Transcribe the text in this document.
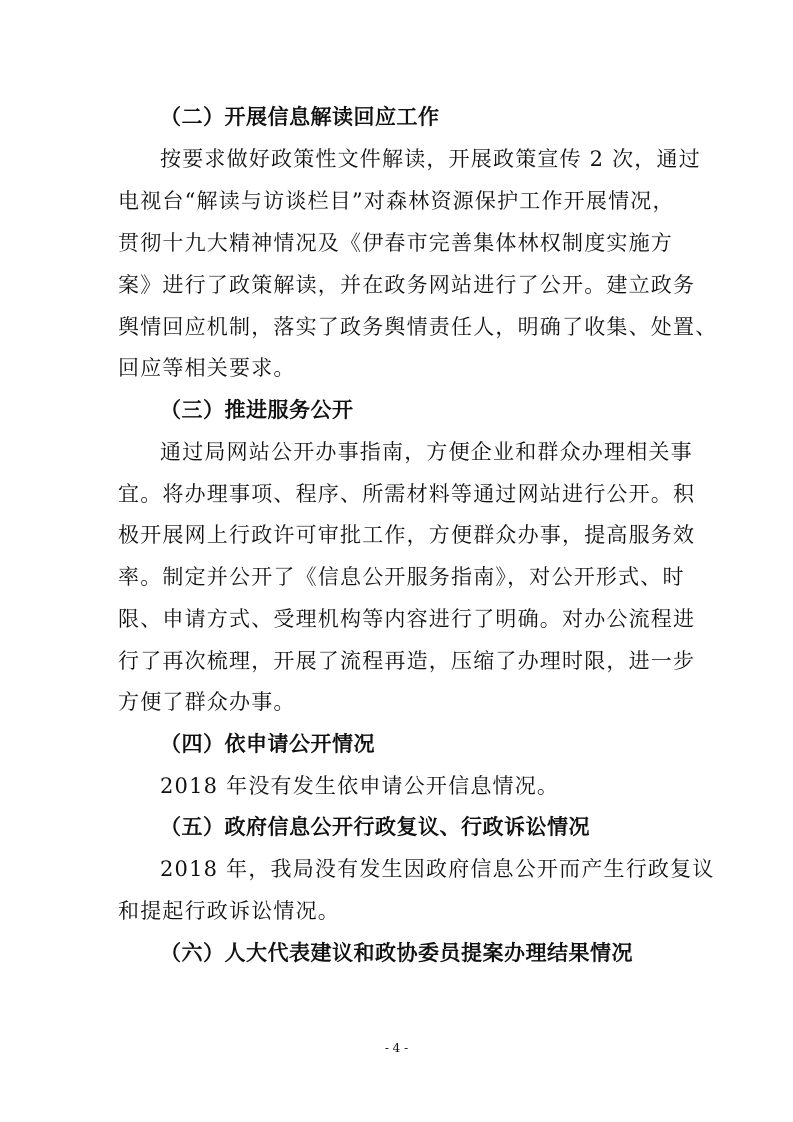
（二）开展信息解读回应工作
按要求做好政策性文件解读，开展政策宣传 2 次，通过
电视台“解读与访谈栏目”对森林资源保护工作开展情况，
贯彻十九大精神情况及《伊春市完善集体林权制度实施方
案》进行了政策解读，并在政务网站进行了公开。建立政务
舆情回应机制，落实了政务舆情责任人，明确了收集、处置、
回应等相关要求。
（三）推进服务公开
通过局网站公开办事指南，方便企业和群众办理相关事
宜。将办理事项、程序、所需材料等通过网站进行公开。积
极开展网上行政许可审批工作，方便群众办事，提高服务效
率。制定并公开了《信息公开服务指南》，对公开形式、时
限、申请方式、受理机构等内容进行了明确。对办公流程进
行了再次梳理，开展了流程再造，压缩了办理时限，进一步
方便了群众办事。
（四）依申请公开情况
2018 年没有发生依申请公开信息情况。
（五）政府信息公开行政复议、行政诉讼情况
2018 年，我局没有发生因政府信息公开而产生行政复议
和提起行政诉讼情况。
（六）人大代表建议和政协委员提案办理结果情况
- 4 -
